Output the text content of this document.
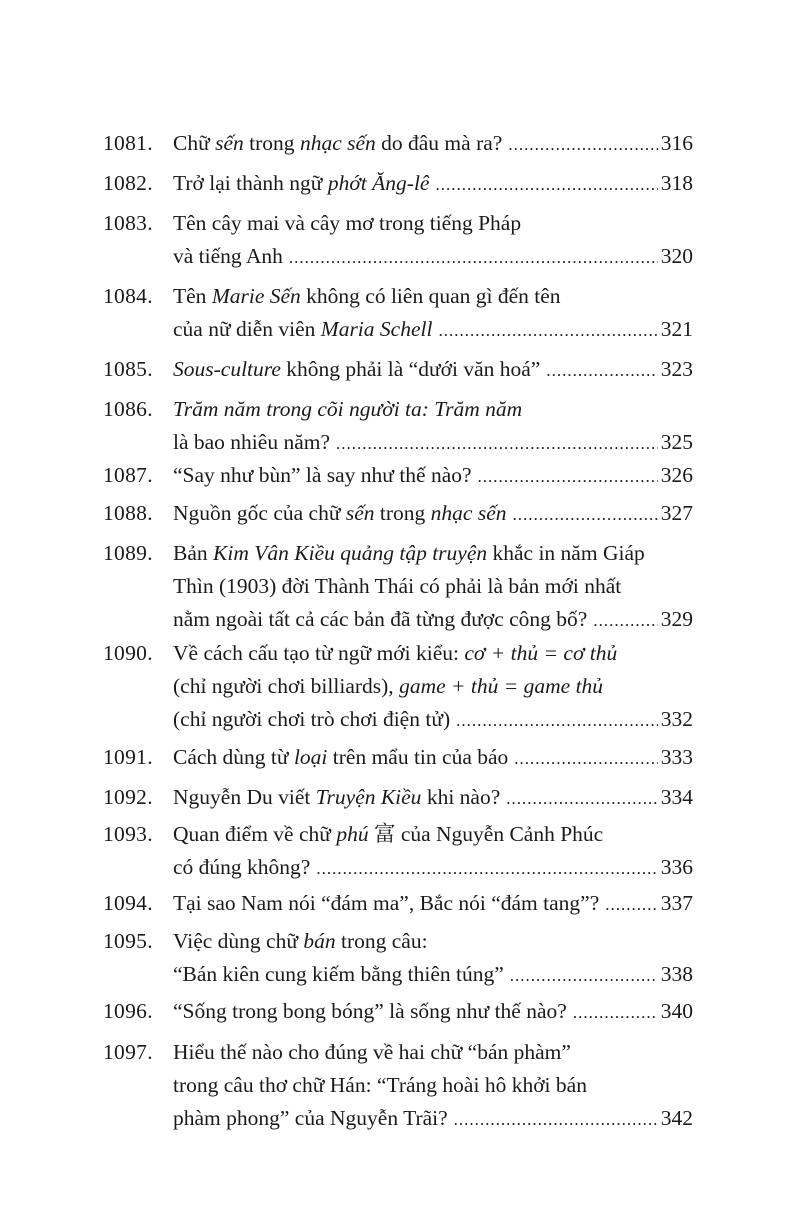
1081. Chữ sến trong nhạc sến do đâu mà ra? .....	316
1082. Trở lại thành ngữ phớt Ăng-lê .....	318
1083. Tên cây mai và cây mơ trong tiếng Pháp
và tiếng Anh .....	320
1084. Tên Marie Sến không có liên quan gì đến tên
của nữ diễn viên Maria Schell .....	321
1085. Sous-culture không phải là “dưới văn hoá” .....	323
1086. Trăm năm trong cõi người ta: Trăm năm
là bao nhiêu năm? .....	325
1087. “Say như bùn” là say như thế nào? .....	326
1088. Nguồn gốc của chữ sến trong nhạc sến .....	327
1089. Bản Kim Vân Kiều quảng tập truyện khắc in năm Giáp
Thìn (1903) đời Thành Thái có phải là bản mới nhất
nằm ngoài tất cả các bản đã từng được công bố? .....	329
1090. Về cách cấu tạo từ ngữ mới kiểu: cơ + thủ = cơ thủ
(chỉ người chơi billiards), game + thủ = game thủ
(chỉ người chơi trò chơi điện tử) .....	332
1091. Cách dùng từ loại trên mẩu tin của báo .....	333
1092. Nguyễn Du viết Truyện Kiều khi nào? .....	334
1093. Quan điểm về chữ phú 富 của Nguyễn Cảnh Phúc
có đúng không? .....	336
1094. Tại sao Nam nói “đám ma”, Bắc nói “đám tang”? .....	337
1095. Việc dùng chữ bán trong câu:
“Bán kiên cung kiếm bằng thiên túng” .....	338
1096. “Sống trong bong bóng” là sống như thế nào? .....	340
1097. Hiểu thế nào cho đúng về hai chữ “bán phàm”
trong câu thơ chữ Hán: “Tráng hoài hô khởi bán
phàm phong” của Nguyễn Trãi? .....	342
